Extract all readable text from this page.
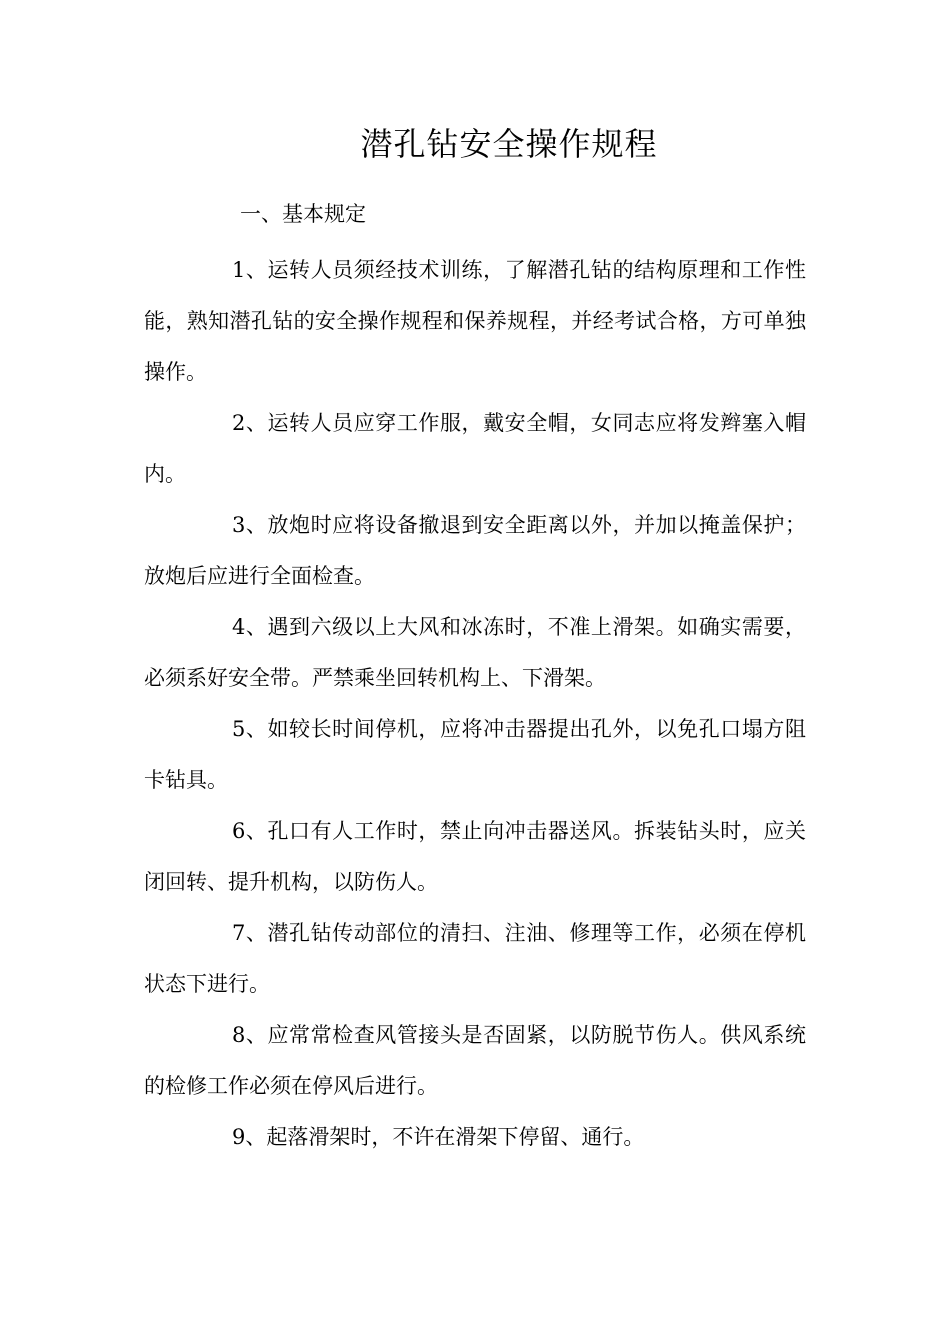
潜孔钻安全操作规程
一、基本规定

1、运转人员须经技术训练，了解潜孔钻的结构原理和工作性能，熟知潜孔钻的安全操作规程和保养规程，并经考试合格，方可单独操作。

2、运转人员应穿工作服，戴安全帽，女同志应将发辫塞入帽内。

3、放炮时应将设备撤退到安全距离以外，并加以掩盖保护；放炮后应进行全面检查。

4、遇到六级以上大风和冰冻时，不准上滑架。如确实需要，必须系好安全带。严禁乘坐回转机构上、下滑架。

5、如较长时间停机，应将冲击器提出孔外，以免孔口塌方阻卡钻具。

6、孔口有人工作时，禁止向冲击器送风。拆装钻头时，应关闭回转、提升机构，以防伤人。

7、潜孔钻传动部位的清扫、注油、修理等工作，必须在停机状态下进行。

8、应常常检查风管接头是否固紧，以防脱节伤人。供风系统的检修工作必须在停风后进行。

9、起落滑架时，不许在滑架下停留、通行。
